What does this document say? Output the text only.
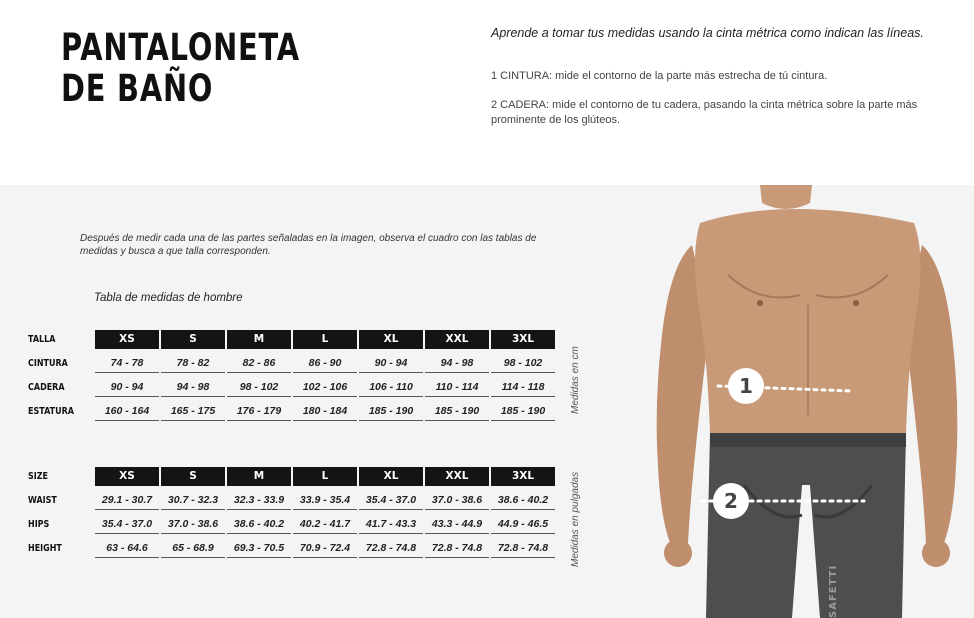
PANTALONETA
DE BAÑO

Aprende a tomar tus medidas usando la cinta métrica como indican las líneas.

1 CINTURA: mide el contorno de la parte más estrecha de tú cintura.

2 CADERA: mide el contorno de tu cadera, pasando la cinta métrica sobre la parte más prominente de los glúteos.

Después de medir cada una de las partes señaladas en la imagen, observa el cuadro con las tablas de medidas y busca a que talla corresponden.

Tabla de medidas de hombre

TALLA	XS	S	M	L	XL	XXL	3XL

CINTURA	74 - 78	78 - 82	82 - 86	86 - 90	90 - 94	94 - 98	98 - 102

CADERA	90 - 94	94 - 98	98 - 102	102 - 106	106 - 110	110 - 114	114 - 118

ESTATURA	160 - 164	165 - 175	176 - 179	180 - 184	185 - 190	185 - 190	185 - 190
SIZE	XS	S	M	L	XL	XXL	3XL

WAIST	29.1 - 30.7	30.7 - 32.3	32.3 - 33.9	33.9 - 35.4	35.4 - 37.0	37.0 - 38.6	38.6 - 40.2

HIPS	35.4 - 37.0	37.0 - 38.6	38.6 - 40.2	40.2 - 41.7	41.7 - 43.3	43.3 - 44.9	44.9 - 46.5

HEIGHT	63 - 64.6	65 - 68.9	69.3 - 70.5	70.9 - 72.4	72.8 - 74.8	72.8 - 74.8	72.8 - 74.8
Medidas en cm
Medidas en pulgadas
SAFETTI
1
2
